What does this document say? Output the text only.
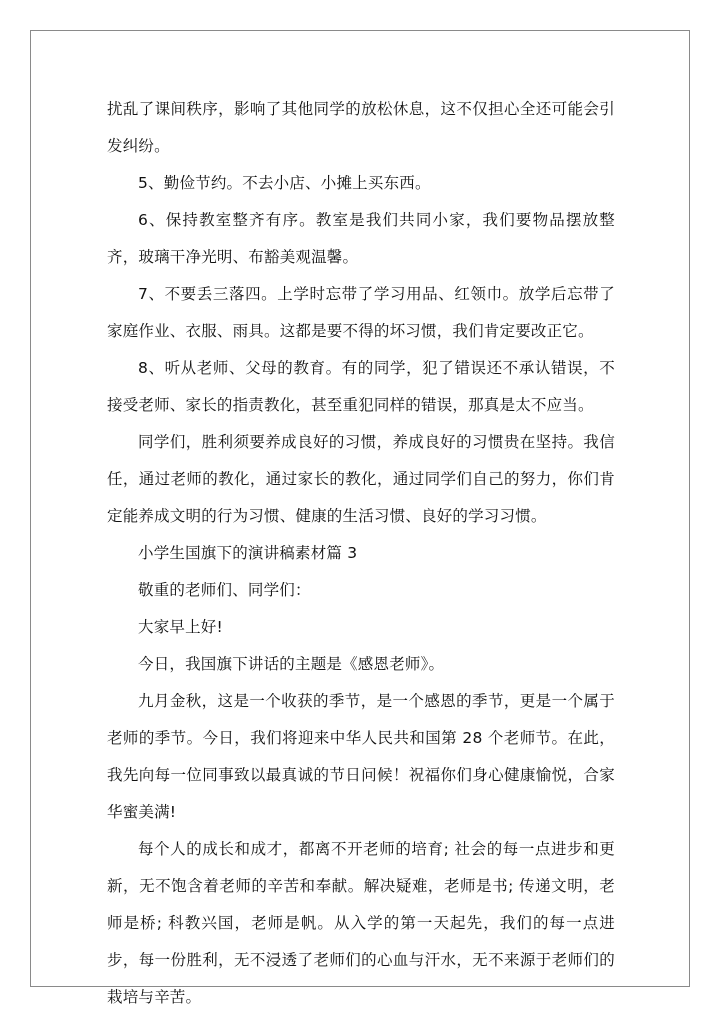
扰乱了课间秩序，影响了其他同学的放松休息，这不仅担心全还可能会引发纠纷。

5、勤俭节约。不去小店、小摊上买东西。

6、保持教室整齐有序。教室是我们共同小家，我们要物品摆放整齐，玻璃干净光明、布豁美观温馨。

7、不要丢三落四。上学时忘带了学习用品、红领巾。放学后忘带了家庭作业、衣服、雨具。这都是要不得的坏习惯，我们肯定要改正它。

8、听从老师、父母的教育。有的同学，犯了错误还不承认错误，不接受老师、家长的指责教化，甚至重犯同样的错误，那真是太不应当。

同学们，胜利须要养成良好的习惯，养成良好的习惯贵在坚持。我信任，通过老师的教化，通过家长的教化，通过同学们自己的努力，你们肯定能养成文明的行为习惯、健康的生活习惯、良好的学习习惯。

小学生国旗下的演讲稿素材篇 3

敬重的老师们、同学们：

大家早上好!

今日，我国旗下讲话的主题是《感恩老师》。

九月金秋，这是一个收获的季节，是一个感恩的季节，更是一个属于老师的季节。今日，我们将迎来中华人民共和国第 28 个老师节。在此，我先向每一位同事致以最真诚的节日问候！祝福你们身心健康愉悦，合家华蜜美满!

每个人的成长和成才，都离不开老师的培育; 社会的每一点进步和更新，无不饱含着老师的辛苦和奉献。解决疑难，老师是书; 传递文明，老师是桥; 科教兴国，老师是帆。从入学的第一天起先，我们的每一点进步，每一份胜利，无不浸透了老师们的心血与汗水，无不来源于老师们的栽培与辛苦。
